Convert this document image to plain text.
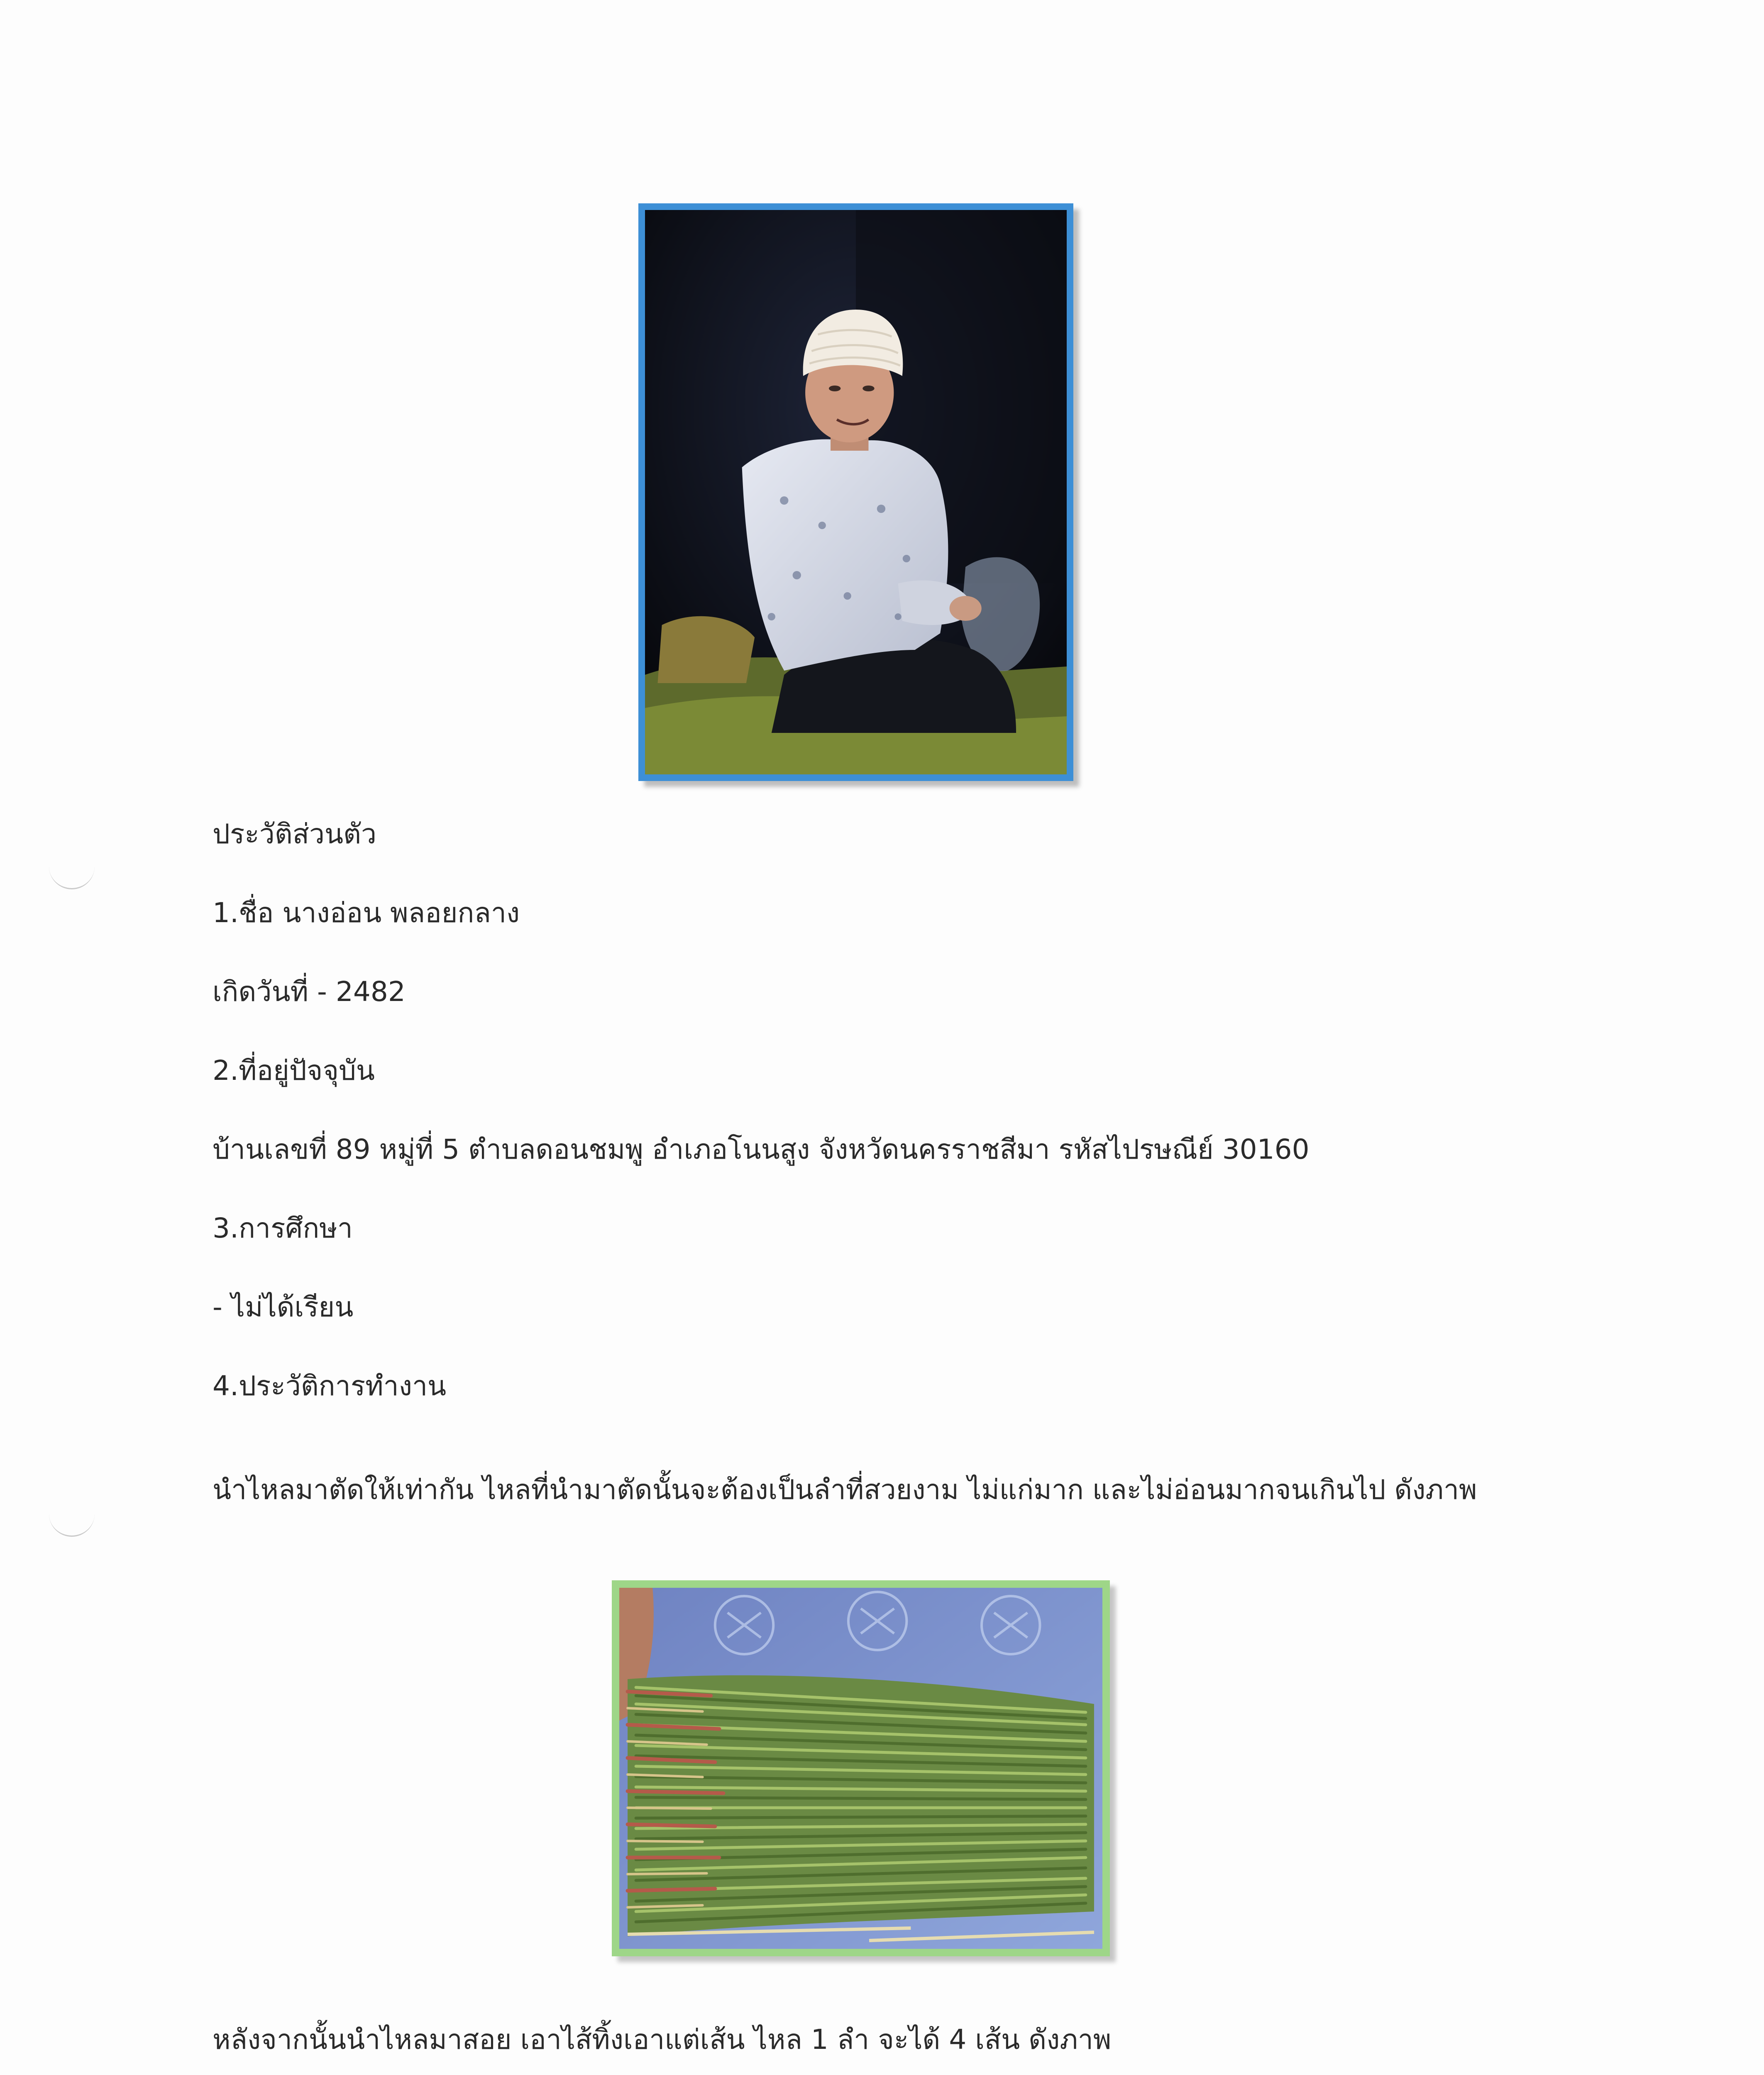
ประวัติส่วนตัว

1.ชื่อ นางอ่อน พลอยกลาง

เกิดวันที่ - 2482

2.ที่อยู่ปัจจุบัน

บ้านเลขที่ 89 หมู่ที่ 5 ตำบลดอนชมพู อำเภอโนนสูง จังหวัดนครราชสีมา รหัสไปรษณีย์ 30160

3.การศึกษา

- ไม่ได้เรียน

4.ประวัติการทำงาน

นำไหลมาตัดให้เท่ากัน ไหลที่นำมาตัดนั้นจะต้องเป็นลำที่สวยงาม ไม่แก่มาก และไม่อ่อนมากจนเกินไป ดังภาพ

หลังจากนั้นนำไหลมาสอย เอาไส้ทิ้งเอาแต่เส้น ไหล 1 ลำ จะได้ 4 เส้น ดังภาพ
